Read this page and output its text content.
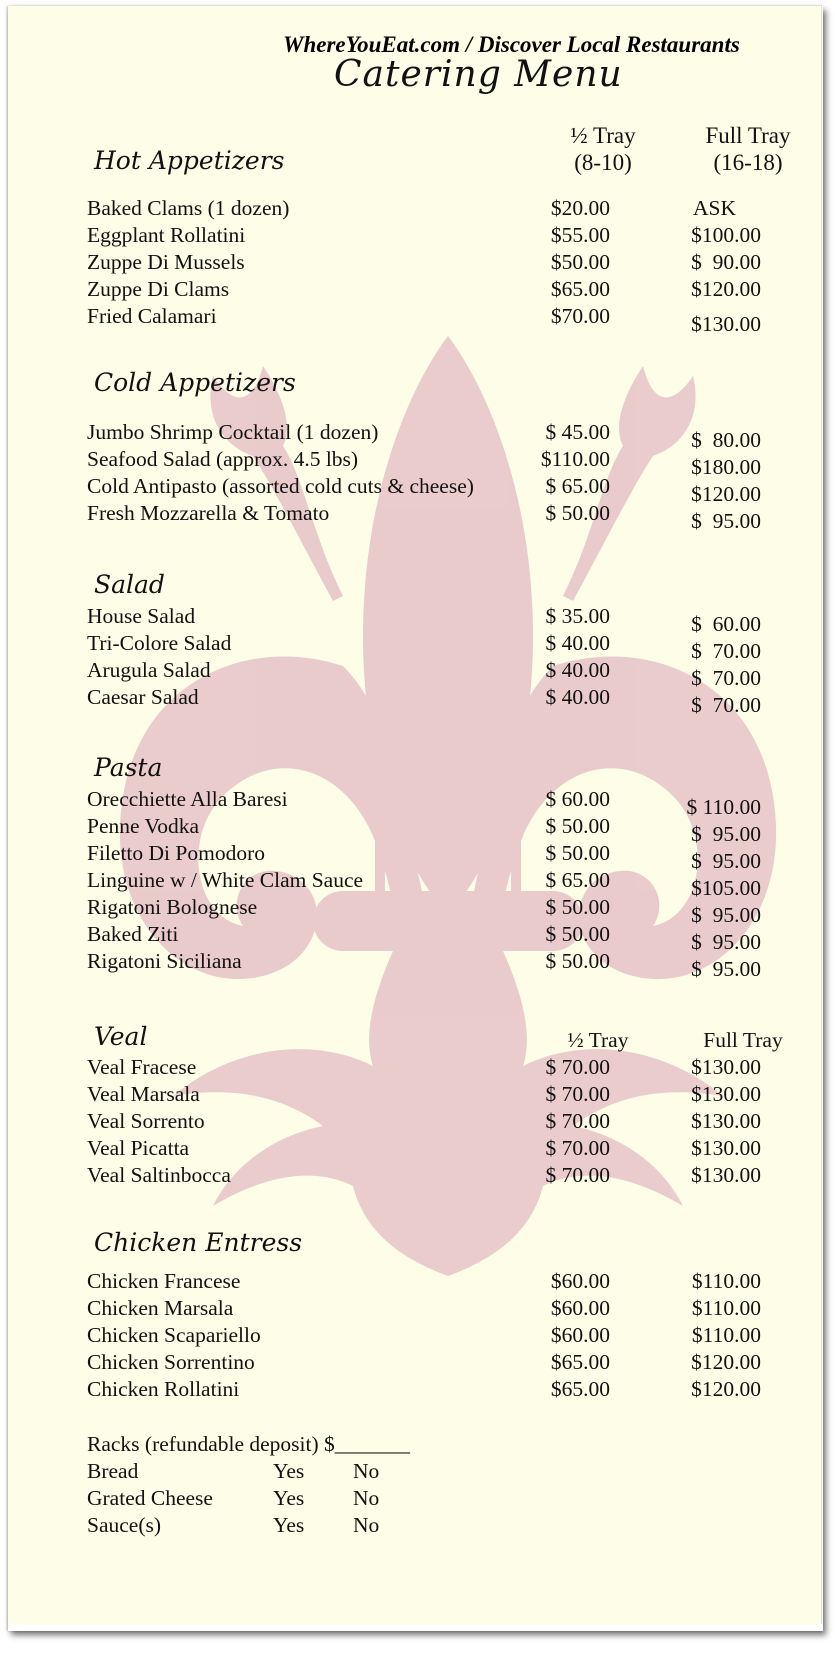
WhereYouEat.com / Discover Local Restaurants
Catering Menu
½ Tray
(8-10)
Full Tray
(16-18)
Hot Appetizers
Baked Clams (1 dozen)	$20.00	ASK
Eggplant Rollatini	$55.00	$100.00
Zuppe Di Mussels	$50.00	$  90.00
Zuppe Di Clams	$65.00	$120.00
Fried Calamari	$70.00	$130.00
Cold Appetizers
Jumbo Shrimp Cocktail (1 dozen)	$ 45.00	$  80.00
Seafood Salad (approx. 4.5 lbs)	$110.00	$180.00
Cold Antipasto (assorted cold cuts & cheese)	$ 65.00	$120.00
Fresh Mozzarella & Tomato	$ 50.00	$  95.00
Salad
House Salad	$ 35.00	$  60.00
Tri-Colore Salad	$ 40.00	$  70.00
Arugula Salad	$ 40.00	$  70.00
Caesar Salad	$ 40.00	$  70.00
Pasta
Orecchiette Alla Baresi	$ 60.00	$ 110.00
Penne Vodka	$ 50.00	$  95.00
Filetto Di Pomodoro	$ 50.00	$  95.00
Linguine w / White Clam Sauce	$ 65.00	$105.00
Rigatoni Bolognese	$ 50.00	$  95.00
Baked Ziti	$ 50.00	$  95.00
Rigatoni Siciliana	$ 50.00	$  95.00
Veal	½ Tray	Full Tray
Veal Fracese	$ 70.00	$130.00
Veal Marsala	$ 70.00	$130.00
Veal Sorrento	$ 70.00	$130.00
Veal Picatta	$ 70.00	$130.00
Veal Saltinbocca	$ 70.00	$130.00
Chicken Entress
Chicken Francese	$60.00	$110.00
Chicken Marsala	$60.00	$110.00
Chicken Scapariello	$60.00	$110.00
Chicken Sorrentino	$65.00	$120.00
Chicken Rollatini	$65.00	$120.00
Racks (refundable deposit) $_______
Bread	Yes No
Grated Cheese	Yes No
Sauce(s)	Yes No
